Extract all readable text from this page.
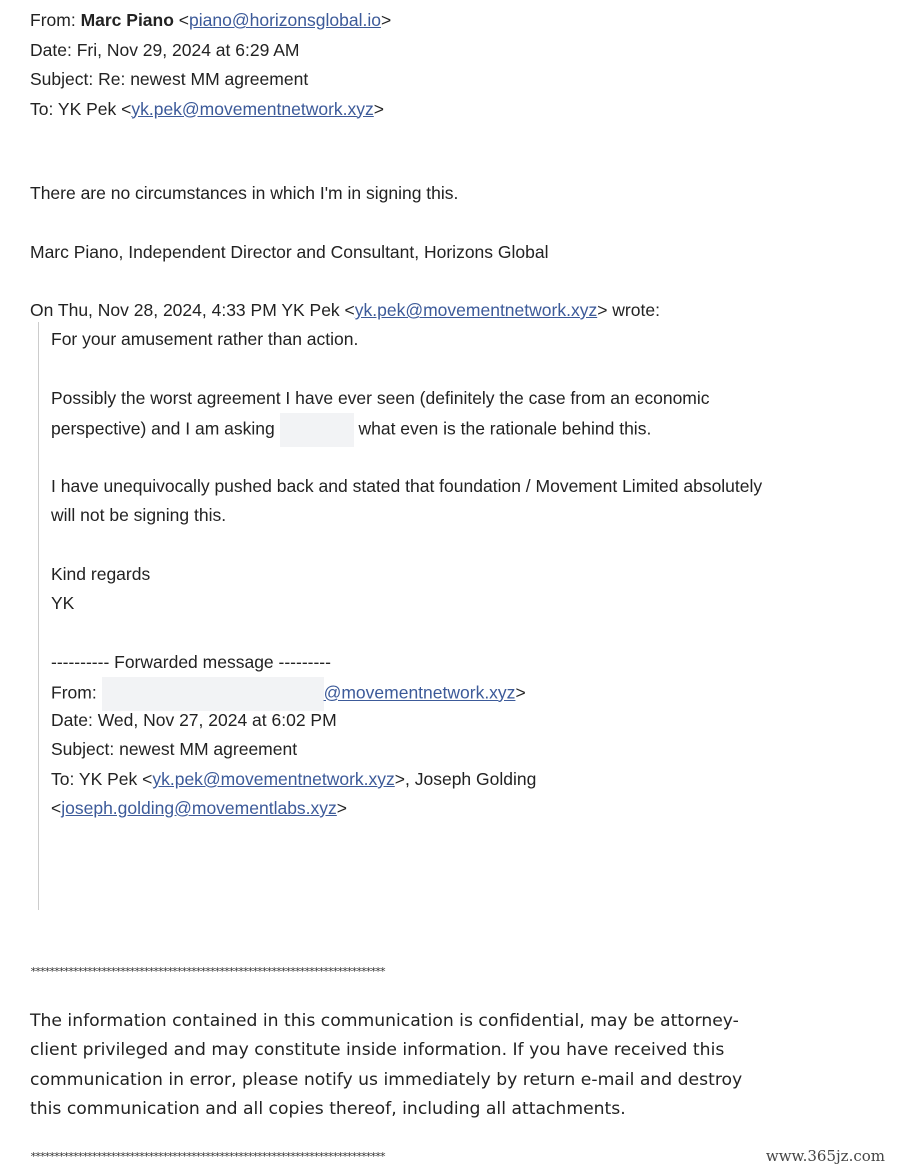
From: Marc Piano <piano@horizonsglobal.io>
Date: Fri, Nov 29, 2024 at 6:29 AM
Subject: Re: newest MM agreement
To: YK Pek <yk.pek@movementnetwork.xyz>
There are no circumstances in which I'm in signing this.
Marc Piano, Independent Director and Consultant, Horizons Global
On Thu, Nov 28, 2024, 4:33 PM YK Pek <yk.pek@movementnetwork.xyz> wrote:
For your amusement rather than action.
Possibly the worst agreement I have ever seen (definitely the case from an economic
perspective) and I am asking	what even is the rationale behind this.
I have unequivocally pushed back and stated that foundation / Movement Limited absolutely
will not be signing this.
Kind regards
YK
---------- Forwarded message ---------
From:	@movementnetwork.xyz>
Date: Wed, Nov 27, 2024 at 6:02 PM
Subject: newest MM agreement
To: YK Pek <yk.pek@movementnetwork.xyz>, Joseph Golding
<joseph.golding@movementlabs.xyz>
***************************************************************************
The information contained in this communication is confidential, may be attorney-
client privileged and may constitute inside information. If you have received this
communication in error, please notify us immediately by return e-mail and destroy
this communication and all copies thereof, including all attachments.
***************************************************************************	www.365jz.com
